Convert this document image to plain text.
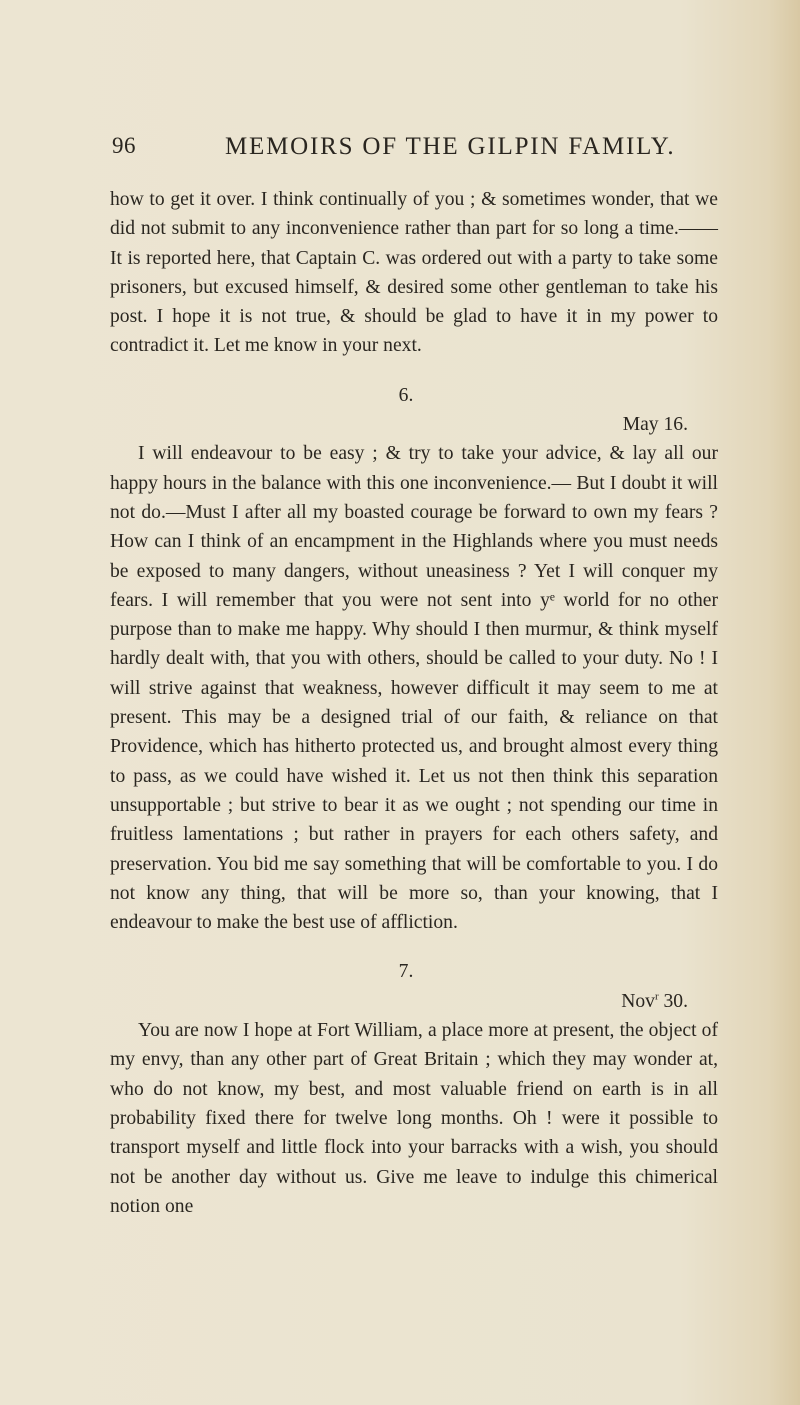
96	MEMOIRS OF THE GILPIN FAMILY.

how to get it over. I think continually of you ; & sometimes wonder, that we did not submit to any inconvenience rather than part for so long a time.——It is reported here, that Captain C. was ordered out with a party to take some prisoners, but excused himself, & desired some other gentleman to take his post. I hope it is not true, & should be glad to have it in my power to contradict it. Let me know in your next.

6.

May 16.

I will endeavour to be easy ; & try to take your advice, & lay all our happy hours in the balance with this one inconvenience.— But I doubt it will not do.—Must I after all my boasted courage be forward to own my fears ? How can I think of an encampment in the Highlands where you must needs be exposed to many dangers, without uneasiness ? Yet I will conquer my fears. I will remember that you were not sent into yᵉ world for no other purpose than to make me happy. Why should I then murmur, & think myself hardly dealt with, that you with others, should be called to your duty. No ! I will strive against that weakness, however difficult it may seem to me at present. This may be a designed trial of our faith, & reliance on that Providence, which has hitherto protected us, and brought almost every thing to pass, as we could have wished it. Let us not then think this separation unsupportable ; but strive to bear it as we ought ; not spending our time in fruitless lamentations ; but rather in prayers for each others safety, and preservation. You bid me say something that will be comfortable to you. I do not know any thing, that will be more so, than your knowing, that I endeavour to make the best use of affliction.

7.

Nov$^r$ 30.

You are now I hope at Fort William, a place more at present, the object of my envy, than any other part of Great Britain ; which they may wonder at, who do not know, my best, and most valuable friend on earth is in all probability fixed there for twelve long months. Oh ! were it possible to transport myself and little flock into your barracks with a wish, you should not be another day without us. Give me leave to indulge this chimerical notion one
